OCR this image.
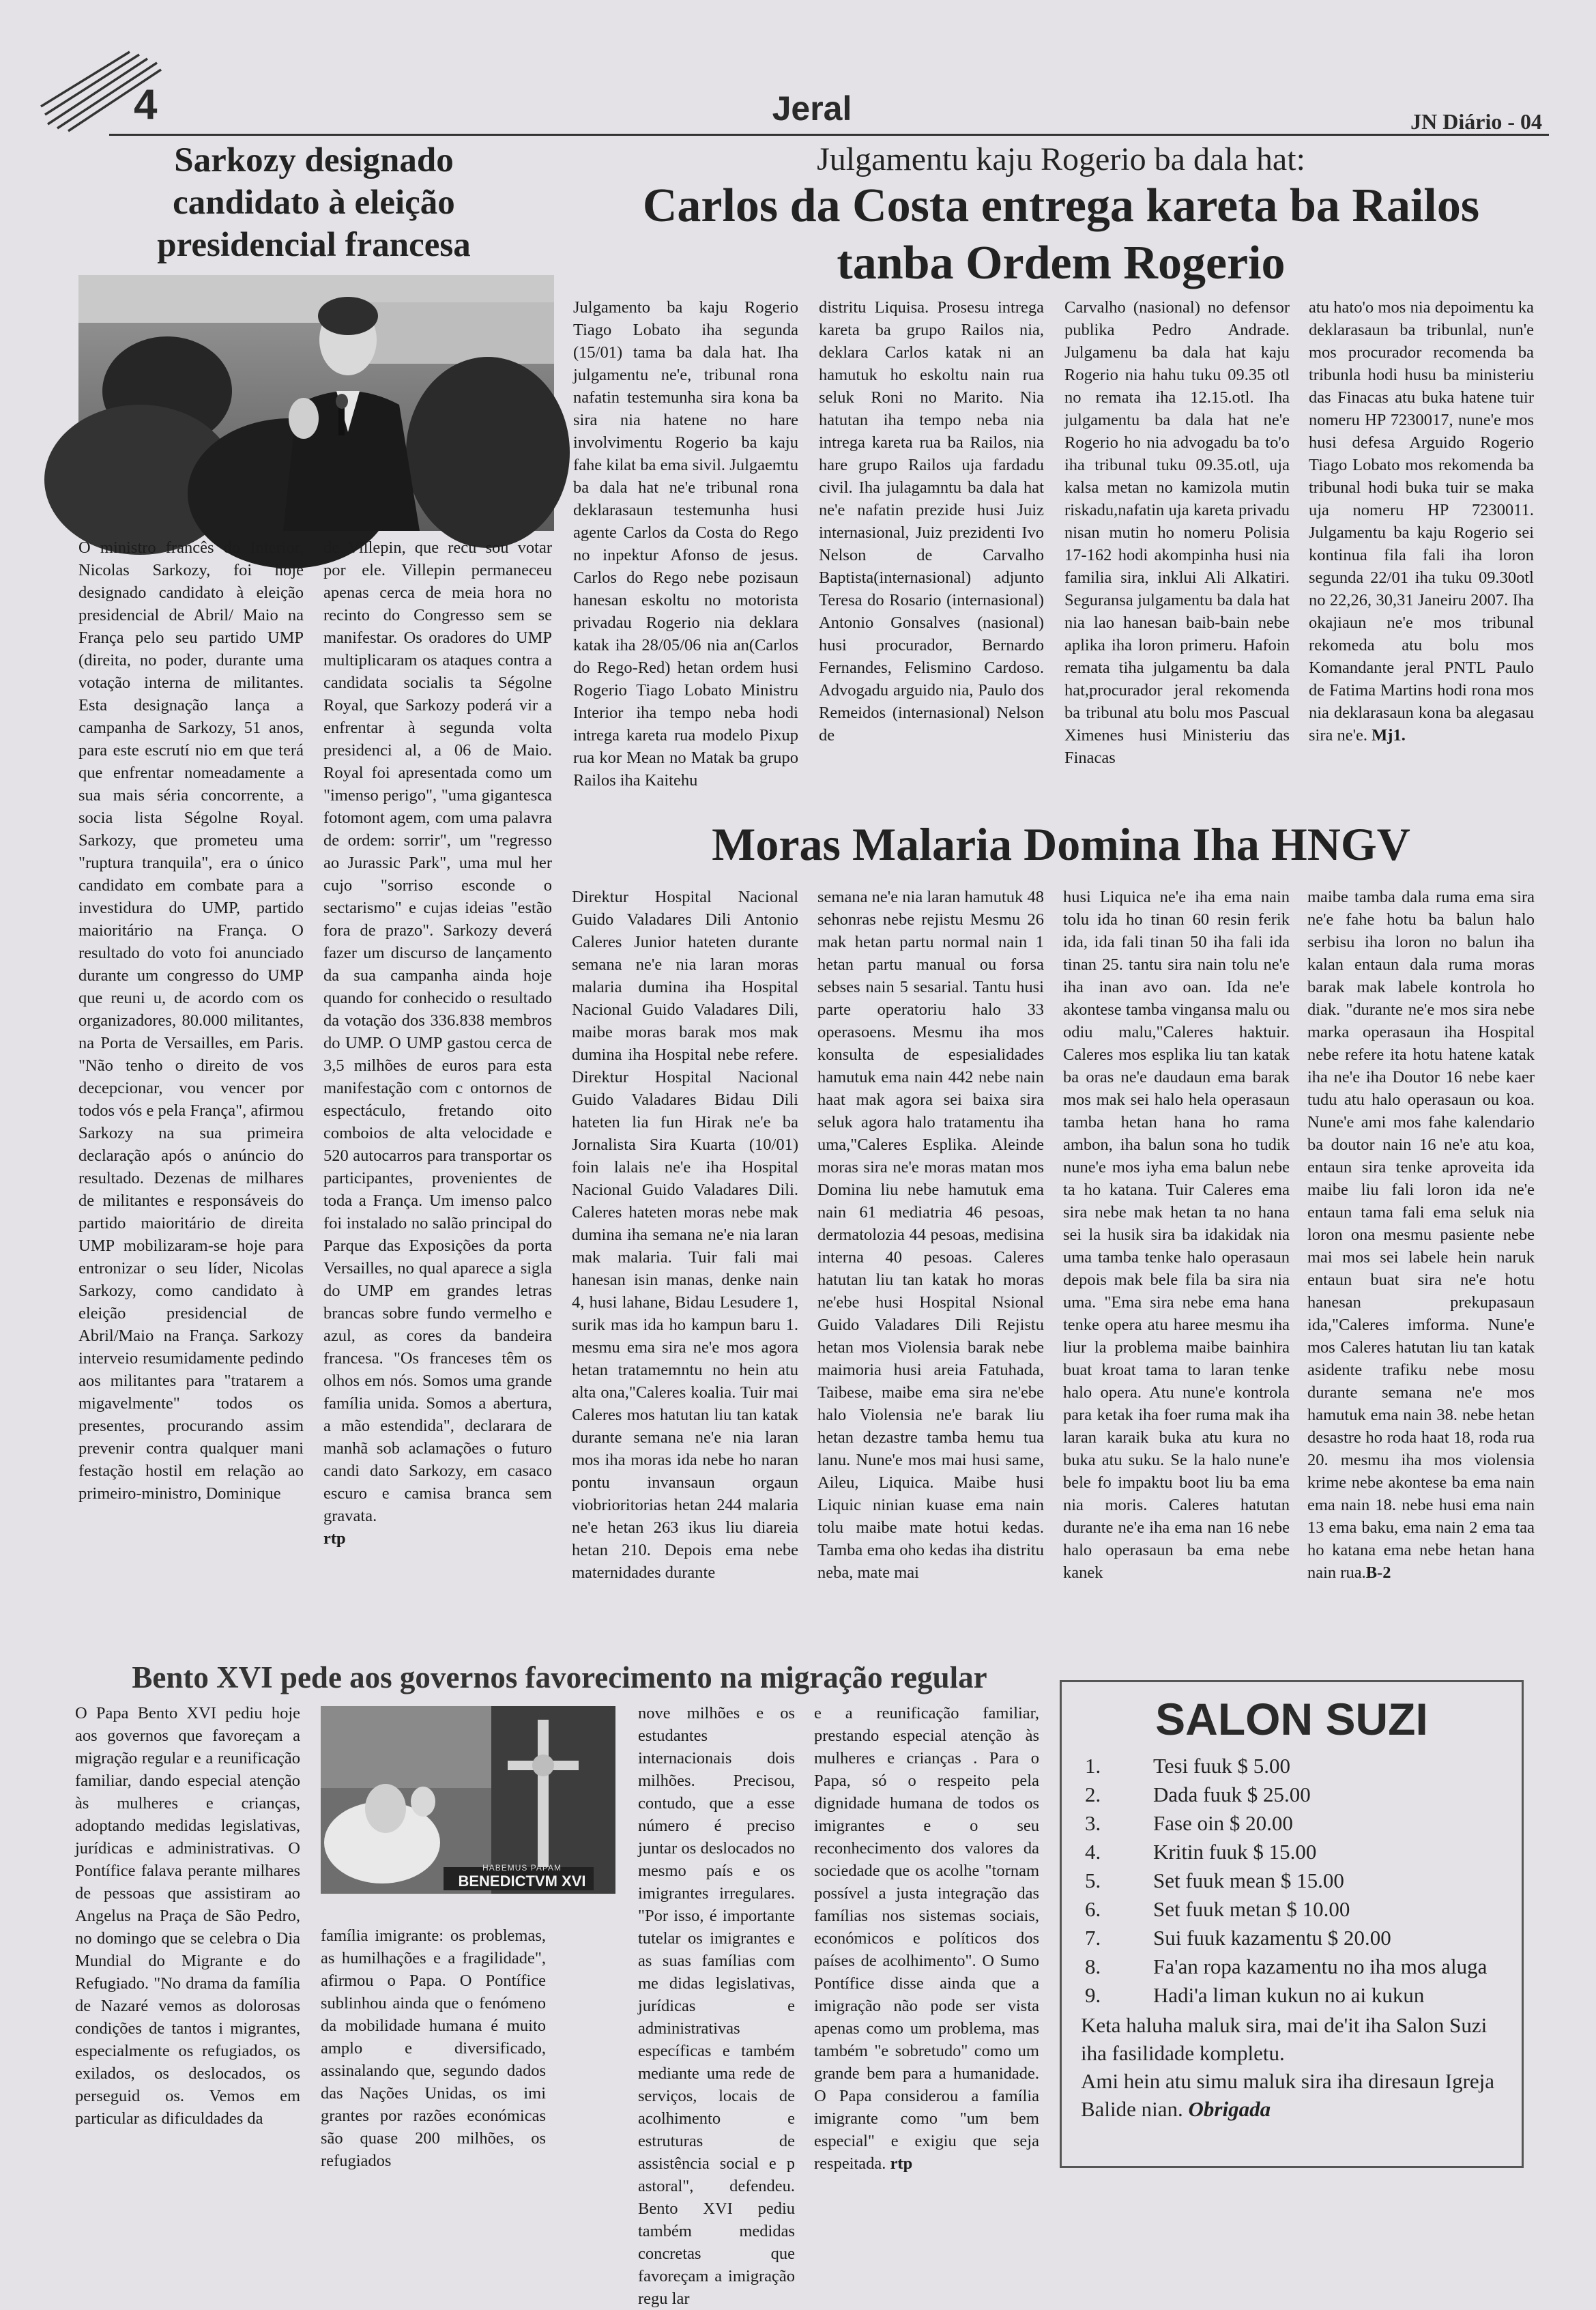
4	Jeral	JN Diário - 04
Sarkozy designado
candidato à eleição
presidencial francesa

O ministro francês do Interior, Nicolas Sarkozy, foi hoje designado candidato à eleição presidencial de Abril/ Maio na França pelo seu partido UMP (direita, no poder, durante uma votação interna de militantes. Esta designação lança a campanha de Sarkozy, 51 anos, para este escrutí nio em que terá que enfrentar nomeadamente a sua mais séria concorrente, a socia lista Ségolne Royal. Sarkozy, que prometeu uma "ruptura tranquila", era o único candidato em combate para a investidura do UMP, partido maioritário na França. O resultado do voto foi anunciado durante um congresso do UMP que reuni u, de acordo com os organizadores, 80.000 militantes, na Porta de Versailles, em Paris. "Não tenho o direito de vos decepcionar, vou vencer por todos vós e pela França", afirmou Sarkozy na sua primeira declaração após o anúncio do resultado. Dezenas de milhares de militantes e responsáveis do partido maioritário de direita UMP mobilizaram-se hoje para entronizar o seu líder, Nicolas Sarkozy, como candidato à eleição presidencial de Abril/Maio na França. Sarkozy interveio resumidamente pedindo aos militantes para "tratarem a migavelmente" todos os presentes, procurando assim prevenir contra qualquer mani festação hostil em relação ao primeiro-ministro, Dominique

de Villepin, que recu sou votar por ele. Villepin permaneceu apenas cerca de meia hora no recinto do Congresso sem se manifestar. Os oradores do UMP multiplicaram os ataques contra a candidata socialis ta Ségolne Royal, que Sarkozy poderá vir a enfrentar à segunda volta presidenci al, a 06 de Maio. Royal foi apresentada como um "imenso perigo", "uma gigantesca fotomont agem, com uma palavra de ordem: sorrir", um "regresso ao Jurassic Park", uma mul her cujo "sorriso esconde o sectarismo" e cujas ideias "estão fora de prazo". Sarkozy deverá fazer um discurso de lançamento da sua campanha ainda hoje quando for conhecido o resultado da votação dos 336.838 membros do UMP. O UMP gastou cerca de 3,5 milhões de euros para esta manifestação com c ontornos de espectáculo, fretando oito comboios de alta velocidade e 520 autocarros para transportar os participantes, provenientes de toda a França. Um imenso palco foi instalado no salão principal do Parque das Exposições da porta Versailles, no qual aparece a sigla do UMP em grandes letras brancas sobre fundo vermelho e azul, as cores da bandeira francesa. "Os franceses têm os olhos em nós. Somos uma grande família unida. Somos a abertura, a mão estendida", declarara de manhã sob aclamações o futuro candi dato Sarkozy, em casaco escuro e camisa branca sem gravata.

rtp

Julgamentu kaju Rogerio ba dala hat:
Carlos da Costa entrega kareta ba Railos
tanba Ordem Rogerio

Julgamento ba kaju Rogerio Tiago Lobato iha segunda (15/01) tama ba dala hat. Iha julgamentu ne'e, tribunal rona nafatin testemunha sira kona ba sira nia hatene no hare involvimentu Rogerio ba kaju fahe kilat ba ema sivil. Julgaemtu ba dala hat ne'e tribunal rona deklarasaun testemunha husi agente Carlos da Costa do Rego no inpektur Afonso de jesus. Carlos do Rego nebe pozisaun hanesan eskoltu no motorista privadau Rogerio nia deklara katak iha 28/05/06 nia an(Carlos do Rego-Red) hetan ordem husi Rogerio Tiago Lobato Ministru Interior iha tempo neba hodi intrega kareta rua modelo Pixup rua kor Mean no Matak ba grupo Railos iha Kaitehu

distritu Liquisa. Prosesu intrega kareta ba grupo Railos nia, deklara Carlos katak ni an hamutuk ho eskoltu nain rua seluk Roni no Marito. Nia hatutan iha tempo neba nia intrega kareta rua ba Railos, nia hare grupo Railos uja fardadu civil. Iha julagamntu ba dala hat ne'e nafatin prezide husi Juiz internasional, Juiz prezidenti Ivo Nelson de Carvalho Baptista(internasional) adjunto Teresa do Rosario (internasional) Antonio Gonsalves (nasional) husi procurador, Bernardo Fernandes, Felismino Cardoso. Advogadu arguido nia, Paulo dos Remeidos (internasional) Nelson de

Carvalho (nasional) no defensor publika Pedro Andrade. Julgamenu ba dala hat kaju Rogerio nia hahu tuku 09.35 otl no remata iha 12.15.otl. Iha julgamentu ba dala hat ne'e Rogerio ho nia advogadu ba to'o iha tribunal tuku 09.35.otl, uja kalsa metan no kamizola mutin riskadu,nafatin uja kareta privadu nisan mutin ho nomeru Polisia 17-162 hodi akompinha husi nia familia sira, inklui Ali Alkatiri. Seguransa julgamentu ba dala hat nia lao hanesan baib-bain nebe aplika iha loron primeru. Hafoin remata tiha julgamentu ba dala hat,procurador jeral rekomenda ba tribunal atu bolu mos Pascual Ximenes husi Ministeriu das Finacas

atu hato'o mos nia depoimentu ka deklarasaun ba tribunlal, nun'e mos procurador recomenda ba tribunla hodi husu ba ministeriu das Finacas atu buka hatene tuir nomeru HP 7230017, nune'e mos husi defesa Arguido Rogerio Tiago Lobato mos rekomenda ba tribunal hodi buka tuir se maka uja nomeru HP 7230011. Julgamentu ba kaju Rogerio sei kontinua fila fali iha loron segunda 22/01 iha tuku 09.30otl no 22,26, 30,31 Janeiru 2007. Iha okajiaun ne'e mos tribunal rekomeda atu bolu mos Komandante jeral PNTL Paulo de Fatima Martins hodi rona mos nia deklarasaun kona ba alegasau sira ne'e. Mj1.

Moras Malaria Domina Iha HNGV

Direktur Hospital Nacional Guido Valadares Dili Antonio Caleres Junior hateten durante semana ne'e nia laran moras malaria dumina iha Hospital Nacional Guido Valadares Dili, maibe moras barak mos mak dumina iha Hospital nebe refere. Direktur Hospital Nacional Guido Valadares Bidau Dili hateten lia fun Hirak ne'e ba Jornalista Sira Kuarta (10/01) foin lalais ne'e iha Hospital Nacional Guido Valadares Dili. Caleres hateten moras nebe mak dumina iha semana ne'e nia laran mak malaria. Tuir fali mai hanesan isin manas, denke nain 4, husi lahane, Bidau Lesudere 1, surik mas ida ho kampun baru 1. mesmu ema sira ne'e mos agora hetan tratamemntu no hein atu alta ona,"Caleres koalia. Tuir mai Caleres mos hatutan liu tan katak durante semana ne'e nia laran mos iha moras ida nebe ho naran pontu invansaun orgaun viobrioritorias hetan 244 malaria ne'e hetan 263 ikus liu diareia hetan 210. Depois ema nebe maternidades durante

semana ne'e nia laran hamutuk 48 sehonras nebe rejistu Mesmu 26 mak hetan partu normal nain 1 hetan partu manual ou forsa sebses nain 5 sesarial. Tantu husi parte operatoriu halo 33 operasoens. Mesmu iha mos konsulta de espesialidades hamutuk ema nain 442 nebe nain haat mak agora sei baixa sira seluk agora halo tratamentu iha uma,"Caleres Esplika. Aleinde moras sira ne'e moras matan mos Domina liu nebe hamutuk ema nain 61 mediatria 46 pesoas, dermatolozia 44 pesoas, medisina interna 40 pesoas. Caleres hatutan liu tan katak ho moras ne'ebe husi Hospital Nsional Guido Valadares Dili Rejistu hetan mos Violensia barak nebe maimoria husi areia Fatuhada, Taibese, maibe ema sira ne'ebe halo Violensia ne'e barak liu hetan dezastre tamba hemu tua lanu. Nune'e mos mai husi same, Aileu, Liquica. Maibe husi Liquic ninian kuase ema nain tolu maibe mate hotui kedas. Tamba ema oho kedas iha distritu neba, mate mai

husi Liquica ne'e iha ema nain tolu ida ho tinan 60 resin ferik ida, ida fali tinan 50 iha fali ida tinan 25. tantu sira nain tolu ne'e iha inan avo oan. Ida ne'e akontese tamba vingansa malu ou odiu malu,"Caleres haktuir. Caleres mos esplika liu tan katak ba oras ne'e daudaun ema barak mos mak sei halo hela operasaun tamba hetan hana ho rama ambon, iha balun sona ho tudik nune'e mos iyha ema balun nebe ta ho katana. Tuir Caleres ema sira nebe mak hetan ta no hana sei la husik sira ba idakidak nia uma tamba tenke halo operasaun depois mak bele fila ba sira nia uma. "Ema sira nebe ema hana tenke opera atu haree mesmu iha liur la problema maibe bainhira buat kroat tama to laran tenke halo opera. Atu nune'e kontrola para ketak iha foer ruma mak iha laran karaik buka atu kura no buka atu suku. Se la halo nune'e bele fo impaktu boot liu ba ema nia moris. Caleres hatutan durante ne'e iha ema nan 16 nebe halo operasaun ba ema nebe kanek

maibe tamba dala ruma ema sira ne'e fahe hotu ba balun halo serbisu iha loron no balun iha kalan entaun dala ruma moras barak mak labele kontrola ho diak. "durante ne'e mos sira nebe marka operasaun iha Hospital nebe refere ita hotu hatene katak iha ne'e iha Doutor 16 nebe kaer tudu atu halo operasaun ou koa. Nune'e ami mos fahe kalendario ba doutor nain 16 ne'e atu koa, entaun sira tenke aproveita ida maibe liu fali loron ida ne'e entaun tama fali ema seluk nia loron ona mesmu pasiente nebe mai mos sei labele hein naruk entaun buat sira ne'e hotu hanesan prekupasaun ida,"Caleres imforma. Nune'e mos Caleres hatutan liu tan katak asidente trafiku nebe mosu durante semana ne'e mos hamutuk ema nain 38. nebe hetan desastre ho roda haat 18, roda rua 20. mesmu iha mos violensia krime nebe akontese ba ema nain ema nain 18. nebe husi ema nain 13 ema baku, ema nain 2 ema taa ho katana ema nebe hetan hana nain rua.B-2

Bento XVI pede aos governos favorecimento na migração regular

O Papa Bento XVI pediu hoje aos governos que favoreçam a migração regular e a reunificação familiar, dando especial atenção às mulheres e crianças, adoptando medidas legislativas, jurídicas e administrativas. O Pontífice falava perante milhares de pessoas que assistiram ao Angelus na Praça de São Pedro, no domingo que se celebra o Dia Mundial do Migrante e do Refugiado. "No drama da família de Nazaré vemos as dolorosas condições de tantos i migrantes, especialmente os refugiados, os exilados, os deslocados, os perseguid os. Vemos em particular as dificuldades da

HABEMUS PAPAM
BENEDICTVM XVI

família imigrante: os problemas, as humilhações e a fragilidade", afirmou o Papa. O Pontífice sublinhou ainda que o fenómeno da mobilidade humana é muito amplo e diversificado, assinalando que, segundo dados das Nações Unidas, os imi grantes por razões económicas são quase 200 milhões, os refugiados

nove milhões e os estudantes internacionais dois milhões. Precisou, contudo, que a esse número é preciso juntar os deslocados no mesmo país e os imigrantes irregulares. "Por isso, é importante tutelar os imigrantes e as suas famílias com me didas legislativas, jurídicas e administrativas específicas e também mediante uma rede de serviços, locais de acolhimento e estruturas de assistência social e p astoral", defendeu. Bento XVI pediu também medidas concretas que favoreçam a imigração regu lar

e a reunificação familiar, prestando especial atenção às mulheres e crianças . Para o Papa, só o respeito pela dignidade humana de todos os imigrantes e o seu reconhecimento dos valores da sociedade que os acolhe "tornam possível a justa integração das famílias nos sistemas sociais, económicos e políticos dos países de acolhimento". O Sumo Pontífice disse ainda que a imigração não pode ser vista apenas como um problema, mas também "e sobretudo" como um grande bem para a humanidade. O Papa considerou a família imigrante como "um bem especial" e exigiu que seja respeitada. rtp

SALON SUZI
1.	Tesi fuuk $ 5.00
2.	Dada fuuk $ 25.00
3.	Fase oin $ 20.00
4.	Kritin fuuk $ 15.00
5.	Set fuuk mean $ 15.00
6.	Set fuuk metan $ 10.00
7.	Sui fuuk kazamentu $ 20.00
8.	Fa'an ropa kazamentu no iha mos aluga
9.	Hadi'a liman kukun no ai kukun
Keta haluha maluk sira, mai de'it iha Salon Suzi iha fasilidade kompletu.
Ami hein atu simu maluk sira iha diresaun Igreja Balide nian. Obrigada
